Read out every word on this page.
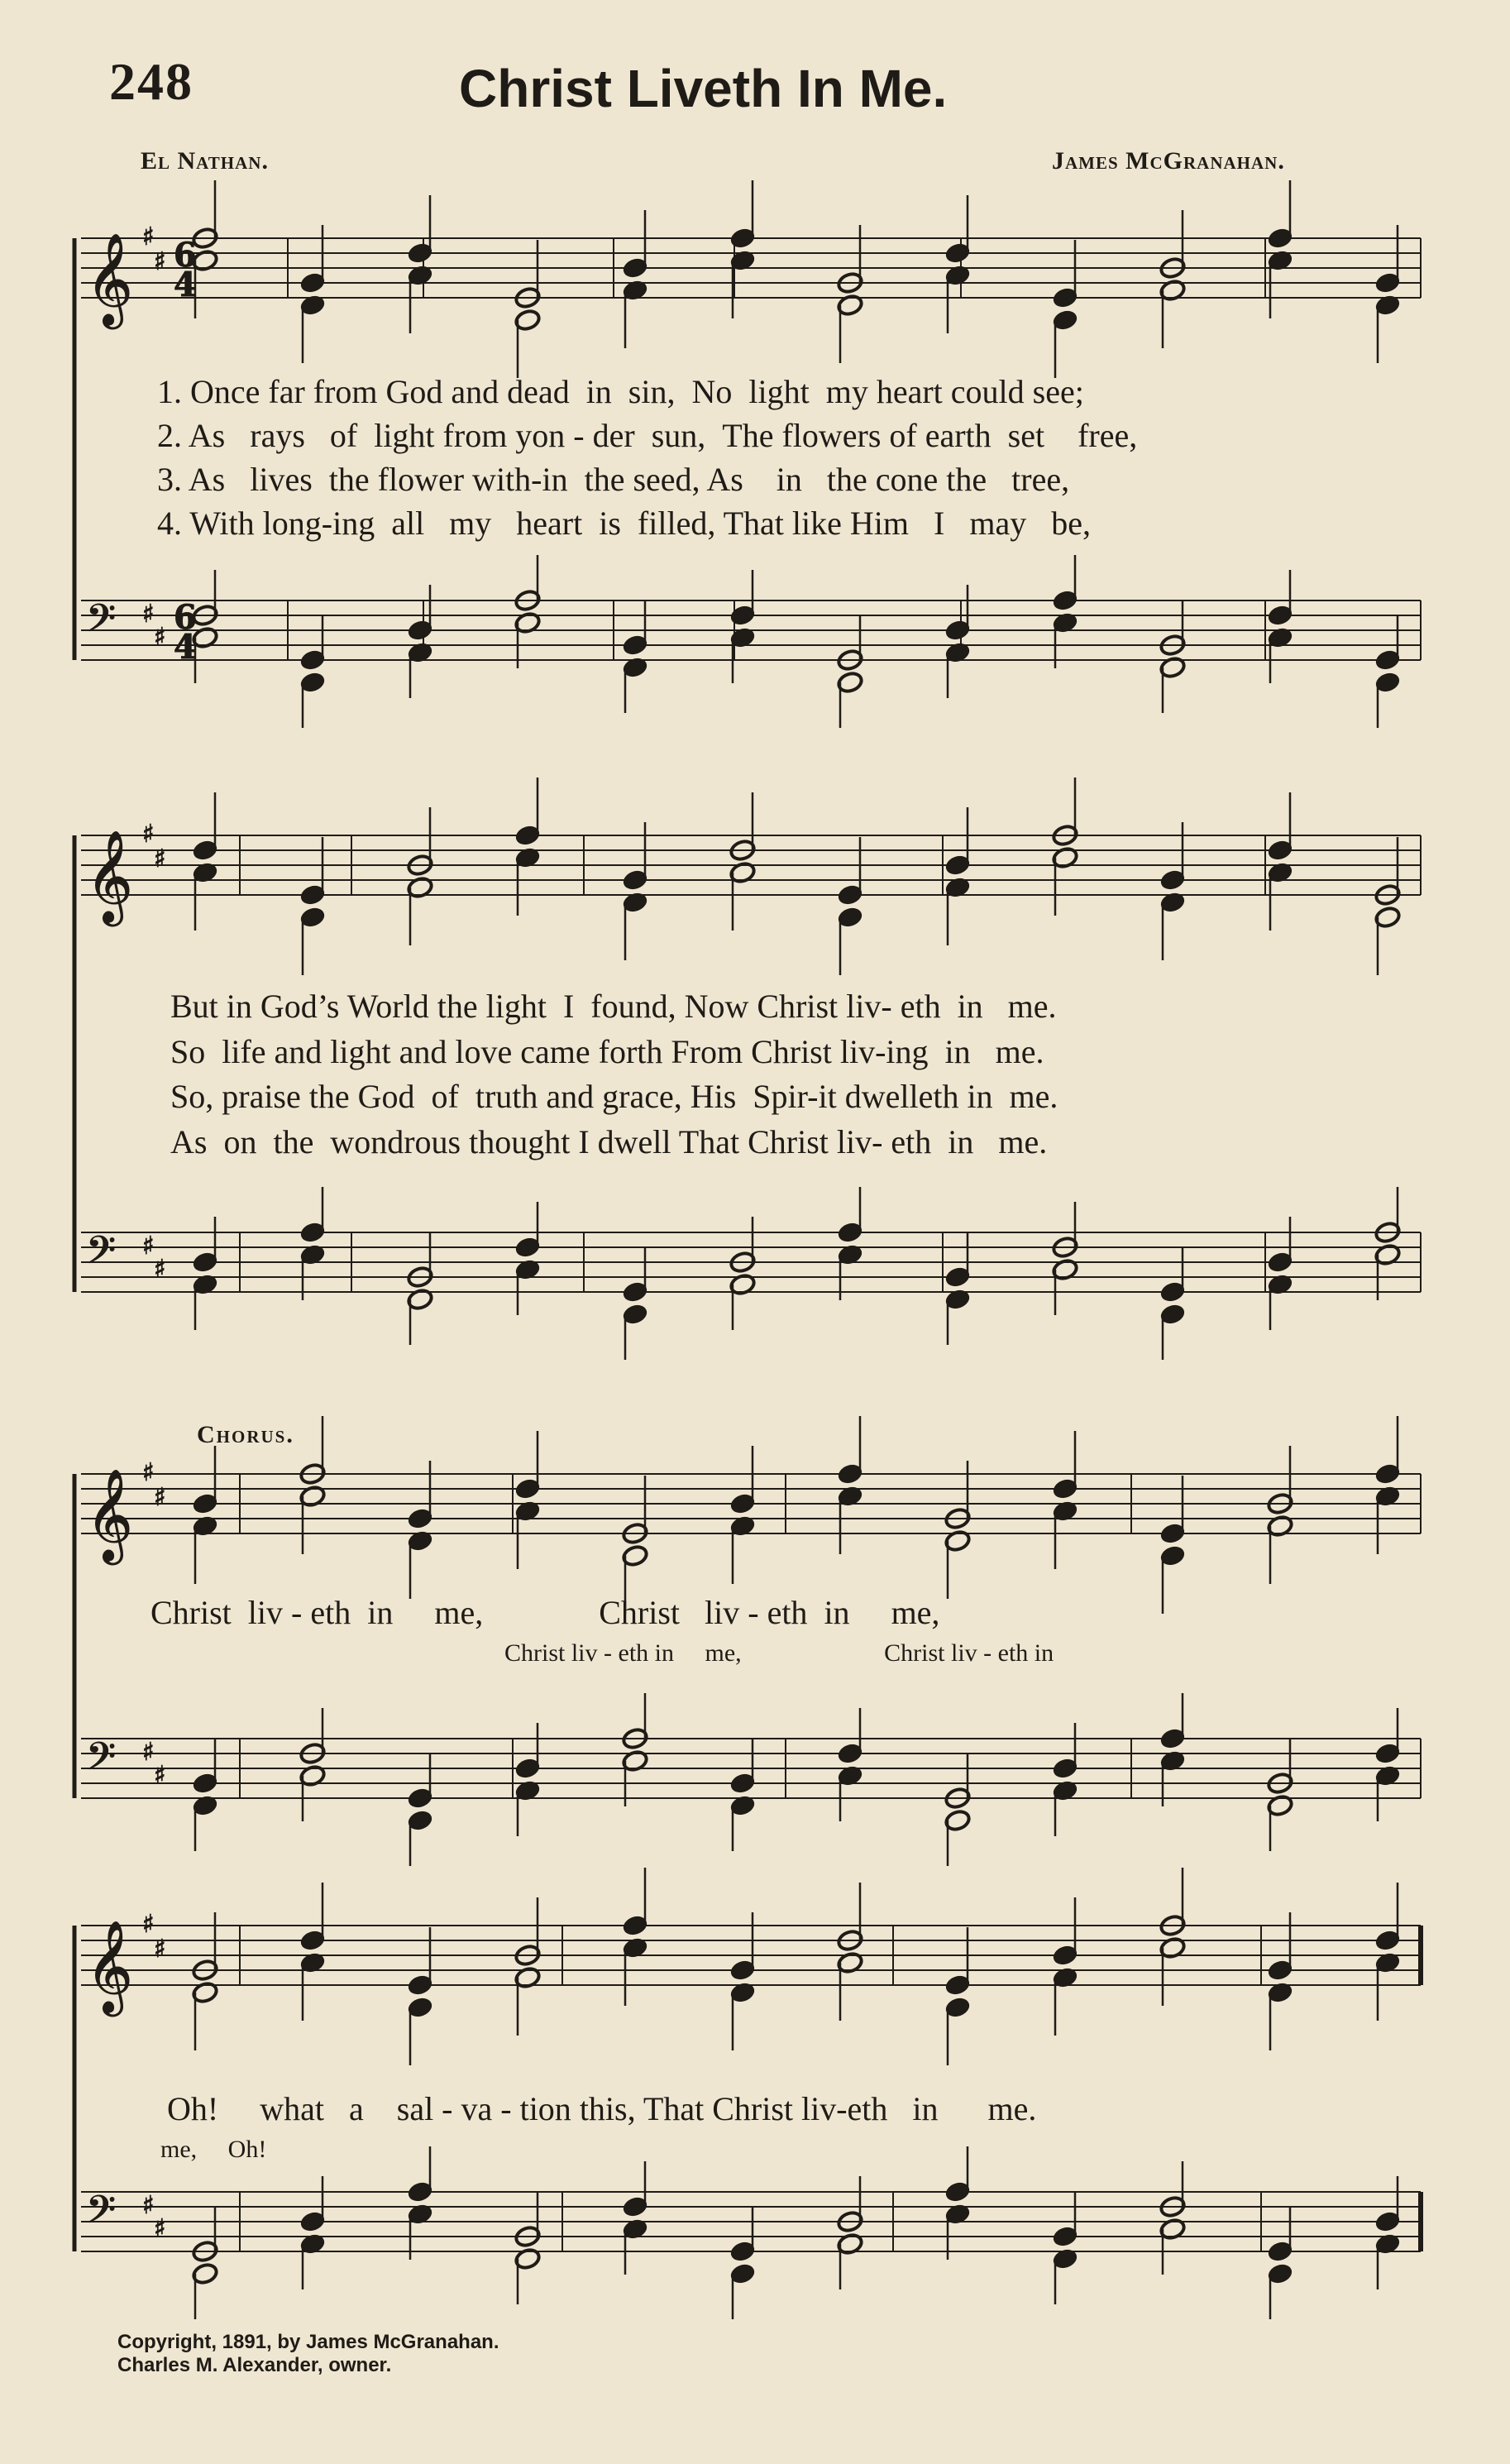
248	Christ Liveth In Me.
El Nathan.	James McGranahan.
𝄞 ♯
♯
𝄢 ♯
♯
𝄞 ♯
♯
𝄢 ♯
♯
𝄞 ♯
♯
𝄢 ♯
♯
𝄞 ♯
♯
𝄢 ♯
♯
6
4
6
4
1. Once far from God and dead  in  sin,  No  light  my heart could see;
2. As   rays   of  light from yon - der  sun,  The flowers of earth  set    free,
3. As   lives  the flower with-in  the seed, As    in   the cone the   tree,
4. With long-ing  all   my   heart  is  filled, That like Him   I   may   be,
But in God’s World the light  I  found, Now Christ liv- eth  in   me.
So  life and light and love came forth From Christ liv-ing  in   me.
So, praise the God  of  truth and grace, His  Spir-it dwelleth in  me.
As  on  the  wondrous thought I dwell That Christ liv- eth  in   me.
Chorus.
Christ liv - eth in me,	Christ liv - eth in me,
Christ liv - eth in me,	Christ liv - eth in
Oh! what a sal - va - tion this, That Christ liv-eth in me.
me, Oh!
Copyright, 1891, by James McGranahan.
Charles M. Alexander, owner.
